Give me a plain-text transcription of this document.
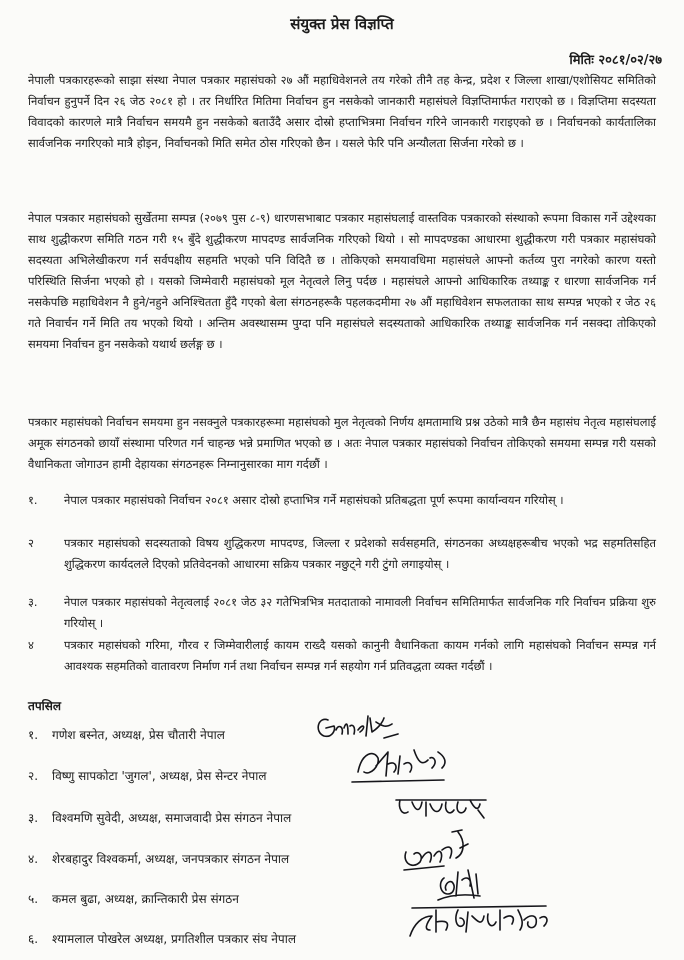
संयुक्त प्रेस विज्ञप्ति
मितिः २०८१/०२/२७

नेपाली पत्रकारहरूको साझा संस्था नेपाल पत्रकार महासंघको २७ औं महाधिवेशनले तय गरेको तीनै तह केन्द्र, प्रदेश र जिल्ला शाखा/एशोसियट समितिको निर्वाचन हुनुपर्ने दिन २६ जेठ २०८१ हो । तर निर्धारित मितिमा निर्वाचन हुन नसकेको जानकारी महासंघले विज्ञप्तिमार्फत गराएको छ । विज्ञप्तिमा सदस्यता विवादको कारणले मात्रै निर्वाचन समयमै हुन नसकेको बताउँदै असार दोस्रो हप्ताभित्रमा निर्वाचन गरिने जानकारी गराइएको छ । निर्वाचनको कार्यतालिका सार्वजनिक नगरिएको मात्रै होइन, निर्वाचनको मिति समेत ठोस गरिएको छैन । यसले फेरि पनि अन्यौलता सिर्जना गरेको छ ।

नेपाल पत्रकार महासंघको सुर्खेतमा सम्पन्न (२०७९ पुस ८-९) धारणसभाबाट पत्रकार महासंघलाई वास्तविक पत्रकारको संस्थाको रूपमा विकास गर्ने उद्देश्यका साथ शुद्धीकरण समिति गठन गरी १५ बुँदे शुद्धीकरण मापदण्ड सार्वजनिक गरिएको थियो । सो मापदण्डका आधारमा शुद्धीकरण गरी पत्रकार महासंघको सदस्यता अभिलेखीकरण गर्न सर्वपक्षीय सहमति भएको पनि विदितै छ । तोकिएको समयावधिमा महासंघले आफ्नो कर्तव्य पुरा नगरेको कारण यस्तो परिस्थिति सिर्जना भएको हो । यसको जिम्मेवारी महासंघको मूल नेतृत्वले लिनु पर्दछ । महासंघले आफ्नो आधिकारिक तथ्याङ्क र धारणा सार्वजनिक गर्न नसकेपछि महाधिवेशन नै हुने/नहुने अनिश्चितता हुँदै गएको बेला संगठनहरूकै पहलकदमीमा २७ औं महाधिवेशन सफलताका साथ सम्पन्न भएको र जेठ २६ गते निवार्चन गर्ने मिति तय भएको थियो । अन्तिम अवस्थासम्म पुग्दा पनि महासंघले सदस्यताको आधिकारिक तथ्याङ्क सार्वजनिक गर्न नसक्दा तोकिएको समयमा निर्वाचन हुन नसकेको यथार्थ छर्लङ्ग छ ।

पत्रकार महासंघको निर्वाचन समयमा हुन नसक्नुले पत्रकारहरूमा महासंघको मुल नेतृत्वको निर्णय क्षमतामाथि प्रश्न उठेको मात्रै छैन महासंघ नेतृत्व महासंघलाई अमूक संगठनको छायाँ संस्थामा परिणत गर्न चाहन्छ भन्ने प्रमाणित भएको छ । अतः नेपाल पत्रकार महासंघको निर्वाचन तोकिएको समयमा सम्पन्न गरी यसको वैधानिकता जोगाउन हामी देहायका संगठनहरू निम्नानुसारका माग गर्दछौं ।

१.	नेपाल पत्रकार महासंघको निर्वाचन २०८१ असार दोस्रो हप्ताभित्र गर्ने महासंघको प्रतिबद्धता पूर्ण रूपमा कार्यान्वयन गरियोस् ।
२	पत्रकार महासंघको सदस्यताको विषय शुद्धिकरण मापदण्ड, जिल्ला र प्रदेशको सर्वसहमति, संगठनका अध्यक्षहरूबीच भएको भद्र सहमतिसहित शुद्धिकरण कार्यदलले दिएको प्रतिवेदनको आधारमा सक्रिय पत्रकार नछुट्ने गरी टुंगो लगाइयोस् ।
३.	नेपाल पत्रकार महासंघको नेतृत्वलाई २०८१ जेठ ३२ गतेभित्रभित्र मतदाताको नामावली निर्वाचन समितिमार्फत सार्वजनिक गरि निर्वाचन प्रक्रिया शुरु गरियोस् ।
४	पत्रकार महासंघको गरिमा, गौरव र जिम्मेवारीलाई कायम राख्दै यसको कानुनी वैधानिकता कायम गर्नको लागि महासंघको निर्वाचन सम्पन्न गर्न आवश्यक सहमतिको वातावरण निर्माण गर्न तथा निर्वाचन सम्पन्न गर्न सहयोग गर्न प्रतिवद्धता व्यक्त गर्दछौं ।
तपसिल
१. गणेश बस्नेत, अध्यक्ष, प्रेस चौतारी नेपाल
२. विष्णु सापकोटा 'जुगल', अध्यक्ष, प्रेस सेन्टर नेपाल
३. विश्वमणि सुवेदी, अध्यक्ष, समाजवादी प्रेस संगठन नेपाल
४. शेरबहादुर विश्वकर्मा, अध्यक्ष, जनपत्रकार संगठन नेपाल
५. कमल बुढा, अध्यक्ष, क्रान्तिकारी प्रेस संगठन
६. श्यामलाल पोखरेल अध्यक्ष, प्रगतिशील पत्रकार संघ नेपाल
